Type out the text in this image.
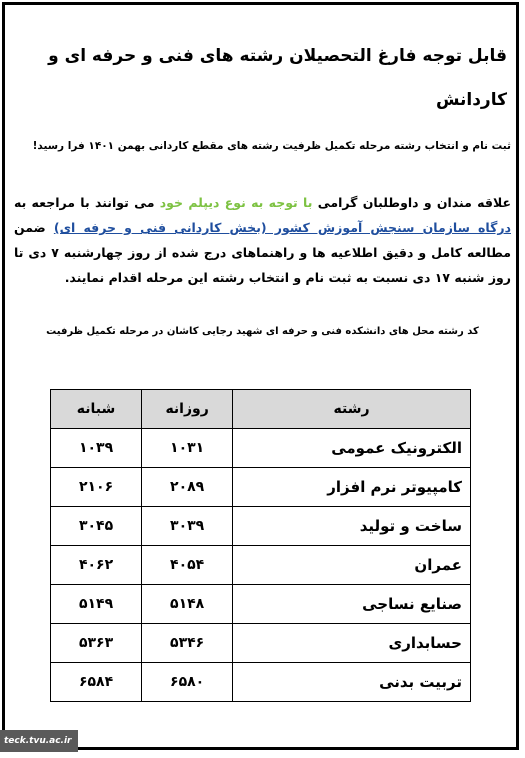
قابل توجه فارغ التحصیلان رشته های فنی و حرفه ای و کاردانش
ثبت نام و انتخاب رشته مرحله تکمیل ظرفیت رشته های مقطع کاردانی بهمن ۱۴۰۱ فرا رسید!
علاقه مندان و داوطلبان گرامی با توجه به نوع دیپلم خود می توانند با مراجعه به درگاه سازمان سنجش آموزش کشور (بخش کاردانی فنی و حرفه ای) ضمن مطالعه کامل و دقیق اطلاعیه ها و راهنماهای درج شده از روز چهارشنبه ۷ دی تا روز شنبه ۱۷ دی نسبت به ثبت نام و انتخاب رشته این مرحله اقدام نمایند.
کد رشته محل های دانشکده فنی و حرفه ای شهید رجایی کاشان در مرحله تکمیل ظرفیت
رشته	روزانه	شبانه
الکترونیک عمومی	۱۰۳۱	۱۰۳۹
کامپیوتر نرم افزار	۲۰۸۹	۲۱۰۶
ساخت و تولید	۳۰۳۹	۳۰۴۵
عمران	۴۰۵۴	۴۰۶۲
صنایع نساجی	۵۱۴۸	۵۱۴۹
حسابداری	۵۳۴۶	۵۳۶۳
تربیت بدنی	۶۵۸۰	۶۵۸۴
teck.tvu.ac.ir
